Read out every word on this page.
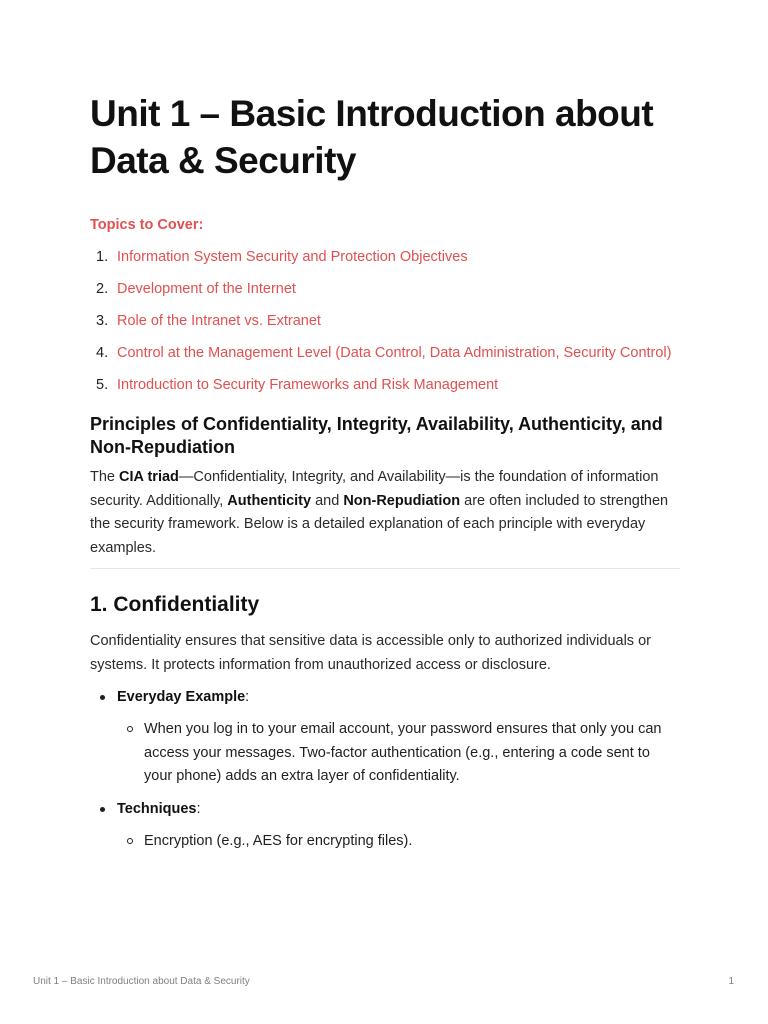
Unit 1 – Basic Introduction about Data & Security
Topics to Cover:
1. Information System Security and Protection Objectives
2. Development of the Internet
3. Role of the Intranet vs. Extranet
4. Control at the Management Level (Data Control, Data Administration, Security Control)
5. Introduction to Security Frameworks and Risk Management
Principles of Confidentiality, Integrity, Availability, Authenticity, and Non-Repudiation

The CIA triad—Confidentiality, Integrity, and Availability—is the foundation of information security. Additionally, Authenticity and Non-Repudiation are often included to strengthen the security framework. Below is a detailed explanation of each principle with everyday examples.

1. Confidentiality

Confidentiality ensures that sensitive data is accessible only to authorized individuals or systems. It protects information from unauthorized access or disclosure.

Everyday Example:
When you log in to your email account, your password ensures that only you can access your messages. Two-factor authentication (e.g., entering a code sent to your phone) adds an extra layer of confidentiality.
Techniques:
Encryption (e.g., AES for encrypting files).
Unit 1 – Basic Introduction about Data & Security	1
